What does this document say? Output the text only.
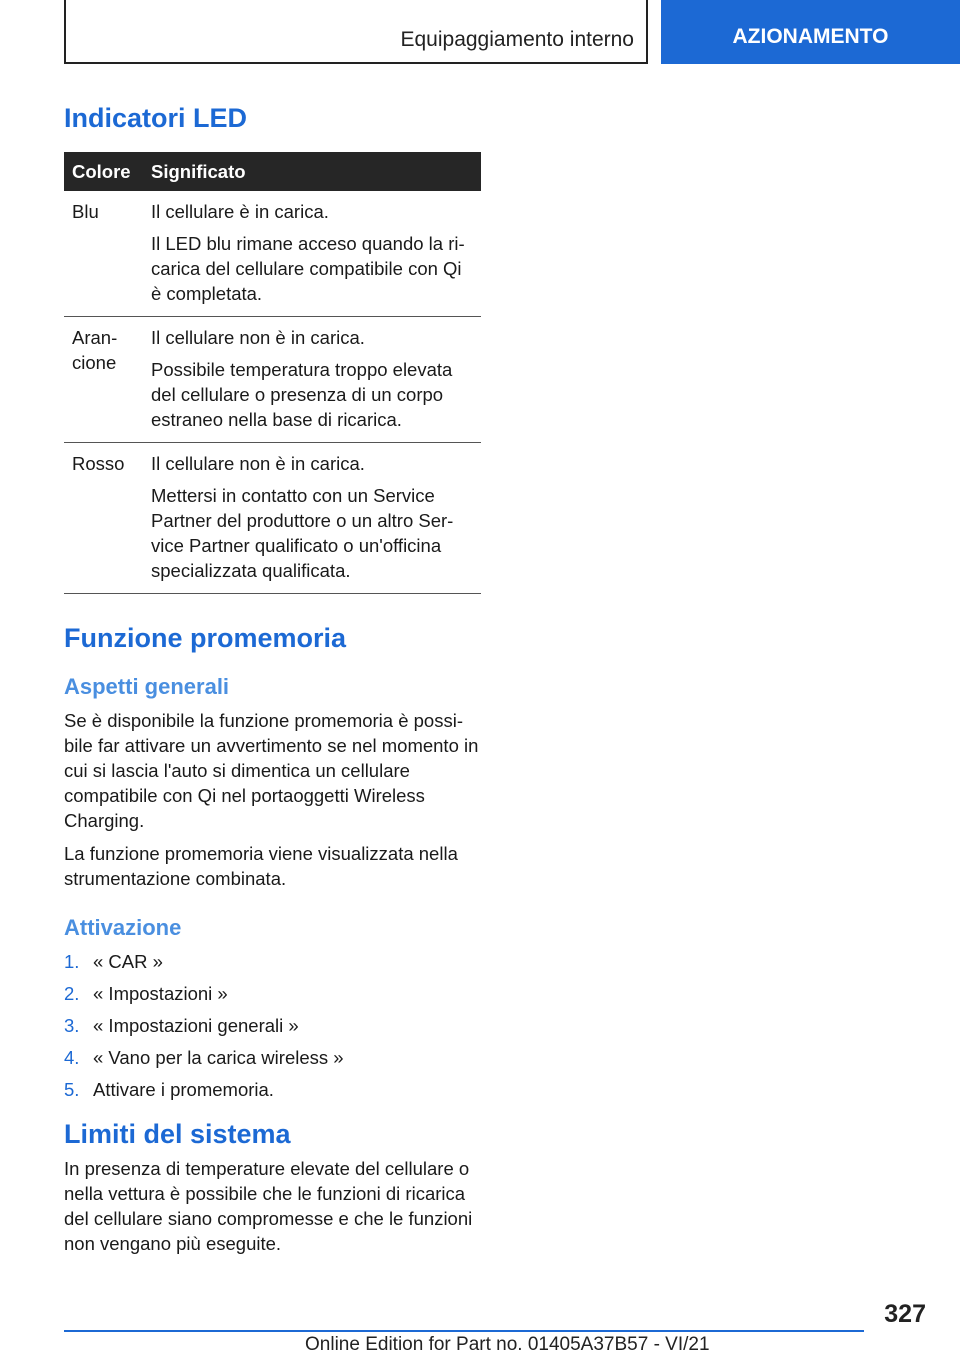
Equipaggiamento interno	AZIONAMENTO
Indicatori LED
Colore	Significato
Blu	Il cellulare è in carica.

Il LED blu rimane acceso quando la ricarica del cellulare compatibile con Qi è completata.

Arancione	Il cellulare non è in carica.

Possibile temperatura troppo elevata del cellulare o presenza di un corpo estraneo nella base di ricarica.

Rosso	Il cellulare non è in carica.

Mettersi in contatto con un Service Partner del produttore o un altro Service Partner qualificato o un'officina specializzata qualificata.

Funzione promemoria
Aspetti generali

Se è disponibile la funzione promemoria è possibile far attivare un avvertimento se nel momento in cui si lascia l'auto si dimentica un cellulare compatibile con Qi nel portaoggetti Wireless Charging.

La funzione promemoria viene visualizzata nella strumentazione combinata.

Attivazione
1. « CAR »
2. « Impostazioni »
3. « Impostazioni generali »
4. « Vano per la carica wireless »
5. Attivare i promemoria.
Limiti del sistema

In presenza di temperature elevate del cellulare o nella vettura è possibile che le funzioni di ricarica del cellulare siano compromesse e che le funzioni non vengano più eseguite.

327
Online Edition for Part no. 01405A37B57 - VI/21
